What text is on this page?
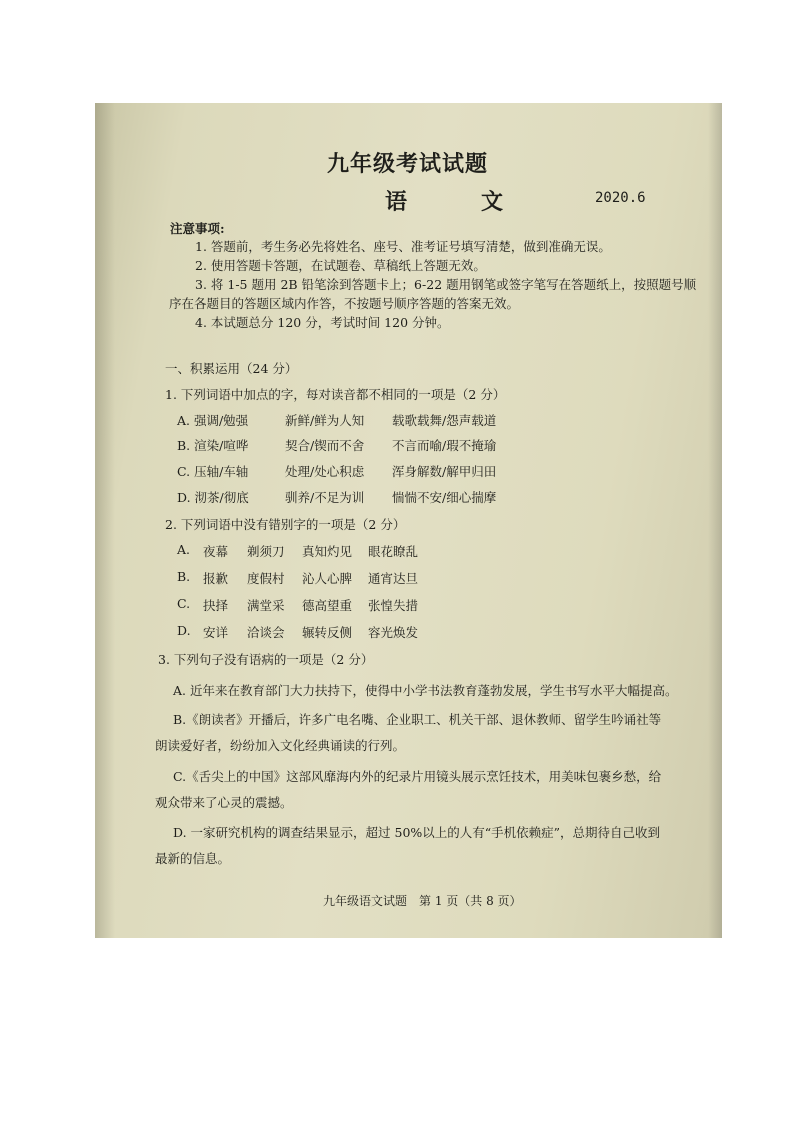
九年级考试试题
语　文	2020.6
注意事项:
1. 答题前，考生务必先将姓名、座号、准考证号填写清楚，做到准确无误。
2. 使用答题卡答题，在试题卷、草稿纸上答题无效。
3. 将 1-5 题用 2B 铅笔涂到答题卡上；6-22 题用钢笔或签字笔写在答题纸上，按照题号顺
序在各题目的答题区域内作答，不按题号顺序答题的答案无效。
4. 本试题总分 120 分，考试时间 120 分钟。
一、积累运用（24 分）
1. 下列词语中加点的字，每对读音都不相同的一项是（2 分）
A. 强调/勉强	新鲜/鲜为人知 载歌载舞/怨声载道
B. 渲染/喧哗	契合/锲而不舍 不言而喻/瑕不掩瑜
C. 压轴/车轴	处理/处心积虑 浑身解数/解甲归田
D. 沏茶/彻底	驯养/不足为训 惴惴不安/细心揣摩
2. 下列词语中没有错别字的一项是（2 分）
A. 夜幕 剃须刀 真知灼见 眼花瞭乱
B. 报歉 度假村 沁人心脾 通宵达旦
C. 抉择 满堂采 德高望重 张惶失措
D. 安详 洽谈会 辗转反侧 容光焕发
3. 下列句子没有语病的一项是（2 分）
A. 近年来在教育部门大力扶持下，使得中小学书法教育蓬勃发展，学生书写水平大幅提高。
B.《朗读者》开播后，许多广电名嘴、企业职工、机关干部、退休教师、留学生吟诵社等
朗读爱好者，纷纷加入文化经典诵读的行列。
C.《舌尖上的中国》这部风靡海内外的纪录片用镜头展示烹饪技术，用美味包裹乡愁，给
观众带来了心灵的震撼。
D. 一家研究机构的调查结果显示，超过 50%以上的人有“手机依赖症”，总期待自己收到
最新的信息。
九年级语文试题　第 1 页（共 8 页）
